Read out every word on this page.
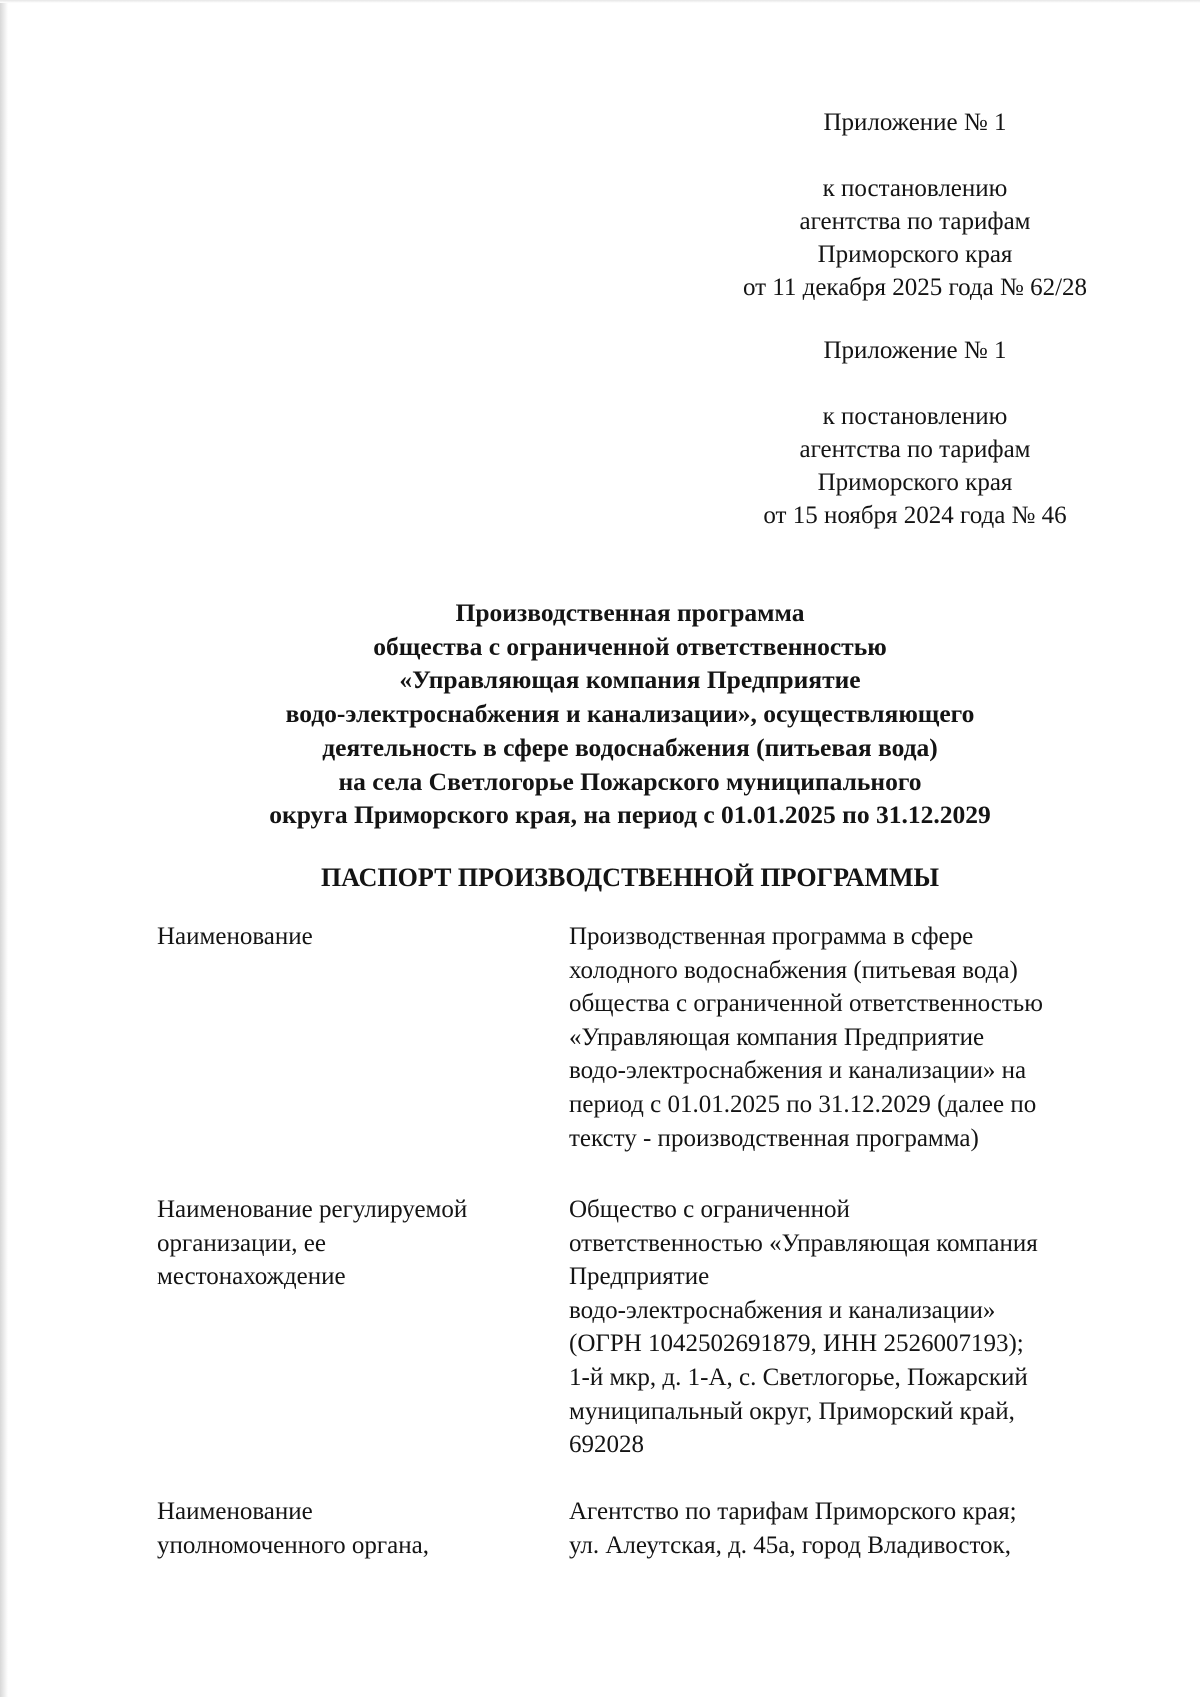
Приложение № 1
к постановлению
агентства по тарифам
Приморского края
от 11 декабря 2025 года № 62/28
Приложение № 1
к постановлению
агентства по тарифам
Приморского края
от 15 ноября 2024 года № 46
Производственная программа
общества с ограниченной ответственностью
«Управляющая компания Предприятие
водо-электроснабжения и канализации», осуществляющего
деятельность в сфере водоснабжения (питьевая вода)
на села Светлогорье Пожарского муниципального
округа Приморского края, на период с 01.01.2025 по 31.12.2029
ПАСПОРТ ПРОИЗВОДСТВЕННОЙ ПРОГРАММЫ
Наименование	Производственная программа в сфере
холодного водоснабжения (питьевая вода)
общества с ограниченной ответственностью
«Управляющая компания Предприятие
водо-электроснабжения и канализации» на
период с 01.01.2025 по 31.12.2029 (далее по
тексту - производственная программа)
Наименование регулируемой
организации, ее
местонахождение
Общество с ограниченной
ответственностью «Управляющая компания
Предприятие
водо-электроснабжения и канализации»
(ОГРН 1042502691879, ИНН 2526007193);
1-й мкр, д. 1-А, с. Светлогорье, Пожарский
муниципальный округ, Приморский край,
692028
Наименование
уполномоченного органа,
Агентство по тарифам Приморского края;
ул. Алеутская, д. 45а, город Владивосток,
